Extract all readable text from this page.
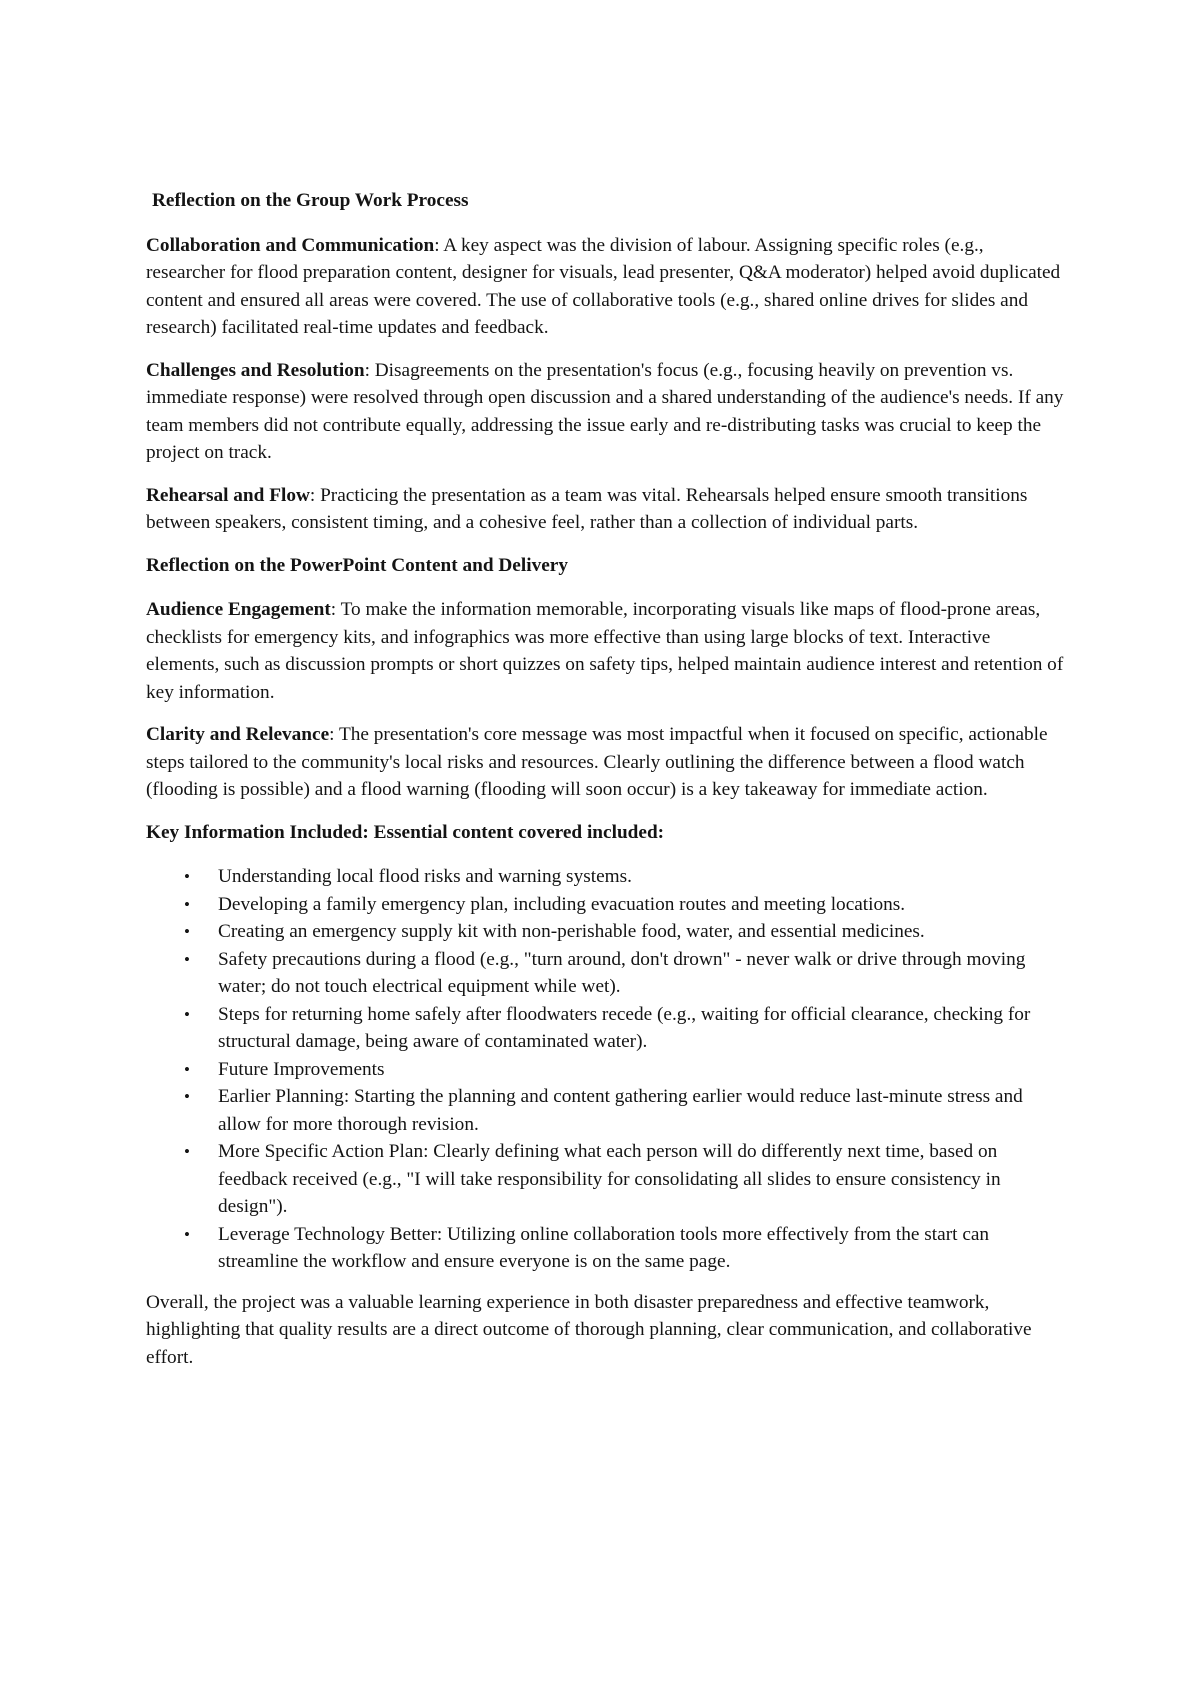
Reflection on the Group Work Process

Collaboration and Communication: A key aspect was the division of labour. Assigning specific roles (e.g., researcher for flood preparation content, designer for visuals, lead presenter, Q&A moderator) helped avoid duplicated content and ensured all areas were covered. The use of collaborative tools (e.g., shared online drives for slides and research) facilitated real-time updates and feedback.

Challenges and Resolution: Disagreements on the presentation's focus (e.g., focusing heavily on prevention vs. immediate response) were resolved through open discussion and a shared understanding of the audience's needs. If any team members did not contribute equally, addressing the issue early and re-distributing tasks was crucial to keep the project on track.

Rehearsal and Flow: Practicing the presentation as a team was vital. Rehearsals helped ensure smooth transitions between speakers, consistent timing, and a cohesive feel, rather than a collection of individual parts.

Reflection on the PowerPoint Content and Delivery

Audience Engagement: To make the information memorable, incorporating visuals like maps of flood-prone areas, checklists for emergency kits, and infographics was more effective than using large blocks of text. Interactive elements, such as discussion prompts or short quizzes on safety tips, helped maintain audience interest and retention of key information.

Clarity and Relevance: The presentation's core message was most impactful when it focused on specific, actionable steps tailored to the community's local risks and resources. Clearly outlining the difference between a flood watch (flooding is possible) and a flood warning (flooding will soon occur) is a key takeaway for immediate action.

Key Information Included: Essential content covered included:
• Understanding local flood risks and warning systems.
• Developing a family emergency plan, including evacuation routes and meeting locations.
• Creating an emergency supply kit with non-perishable food, water, and essential medicines.
• Safety precautions during a flood (e.g., "turn around, don't drown" - never walk or drive through moving water; do not touch electrical equipment while wet).
• Steps for returning home safely after floodwaters recede (e.g., waiting for official clearance, checking for structural damage, being aware of contaminated water).
• Future Improvements
• Earlier Planning: Starting the planning and content gathering earlier would reduce last-minute stress and allow for more thorough revision.
• More Specific Action Plan: Clearly defining what each person will do differently next time, based on feedback received (e.g., "I will take responsibility for consolidating all slides to ensure consistency in design").
• Leverage Technology Better: Utilizing online collaboration tools more effectively from the start can streamline the workflow and ensure everyone is on the same page.

Overall, the project was a valuable learning experience in both disaster preparedness and effective teamwork, highlighting that quality results are a direct outcome of thorough planning, clear communication, and collaborative effort.
